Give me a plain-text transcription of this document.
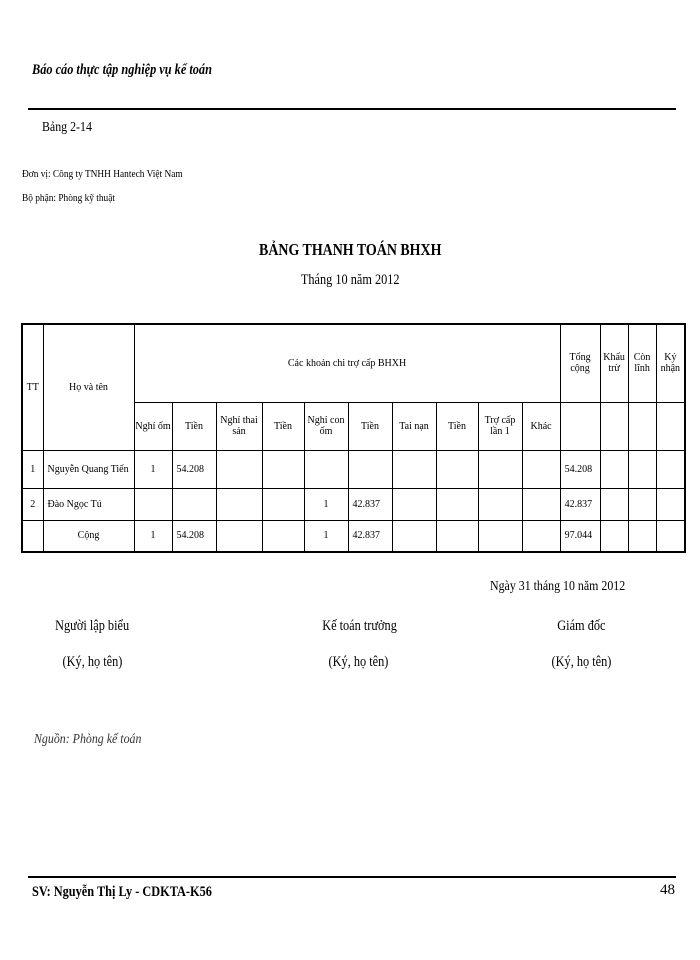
Báo cáo thực tập nghiệp vụ kế toán
Bảng 2-14
Đơn vị: Công ty TNHH Hantech Việt Nam
Bộ phận: Phòng kỹ thuật
BẢNG THANH TOÁN BHXH
Tháng 10 năm 2012
TT	Họ và tên	Các khoản chi trợ cấp BHXH										Tổng cộng	Khấu trừ	Còn lĩnh	Ký nhận
		Nghỉ ốm	Tiền	Nghỉ thai sản	Tiền	Nghỉ con ốm	Tiền	Tai nạn	Tiền	Trợ cấp lần 1	Khác				
1	Nguyễn Quang Tiến	1	54.208									54.208			
2	Đào Ngọc Tú					1	42.837					42.837			
	Cộng	1	54.208			1	42.837					97.044			
Ngày 31 tháng 10 năm 2012
Người lập biểu
(Ký, họ tên)
Kế toán trưởng
(Ký, họ tên)
Giám đốc
(Ký, họ tên)
Nguồn: Phòng kế toán
SV: Nguyễn Thị Ly - CDKTA-K56	48
